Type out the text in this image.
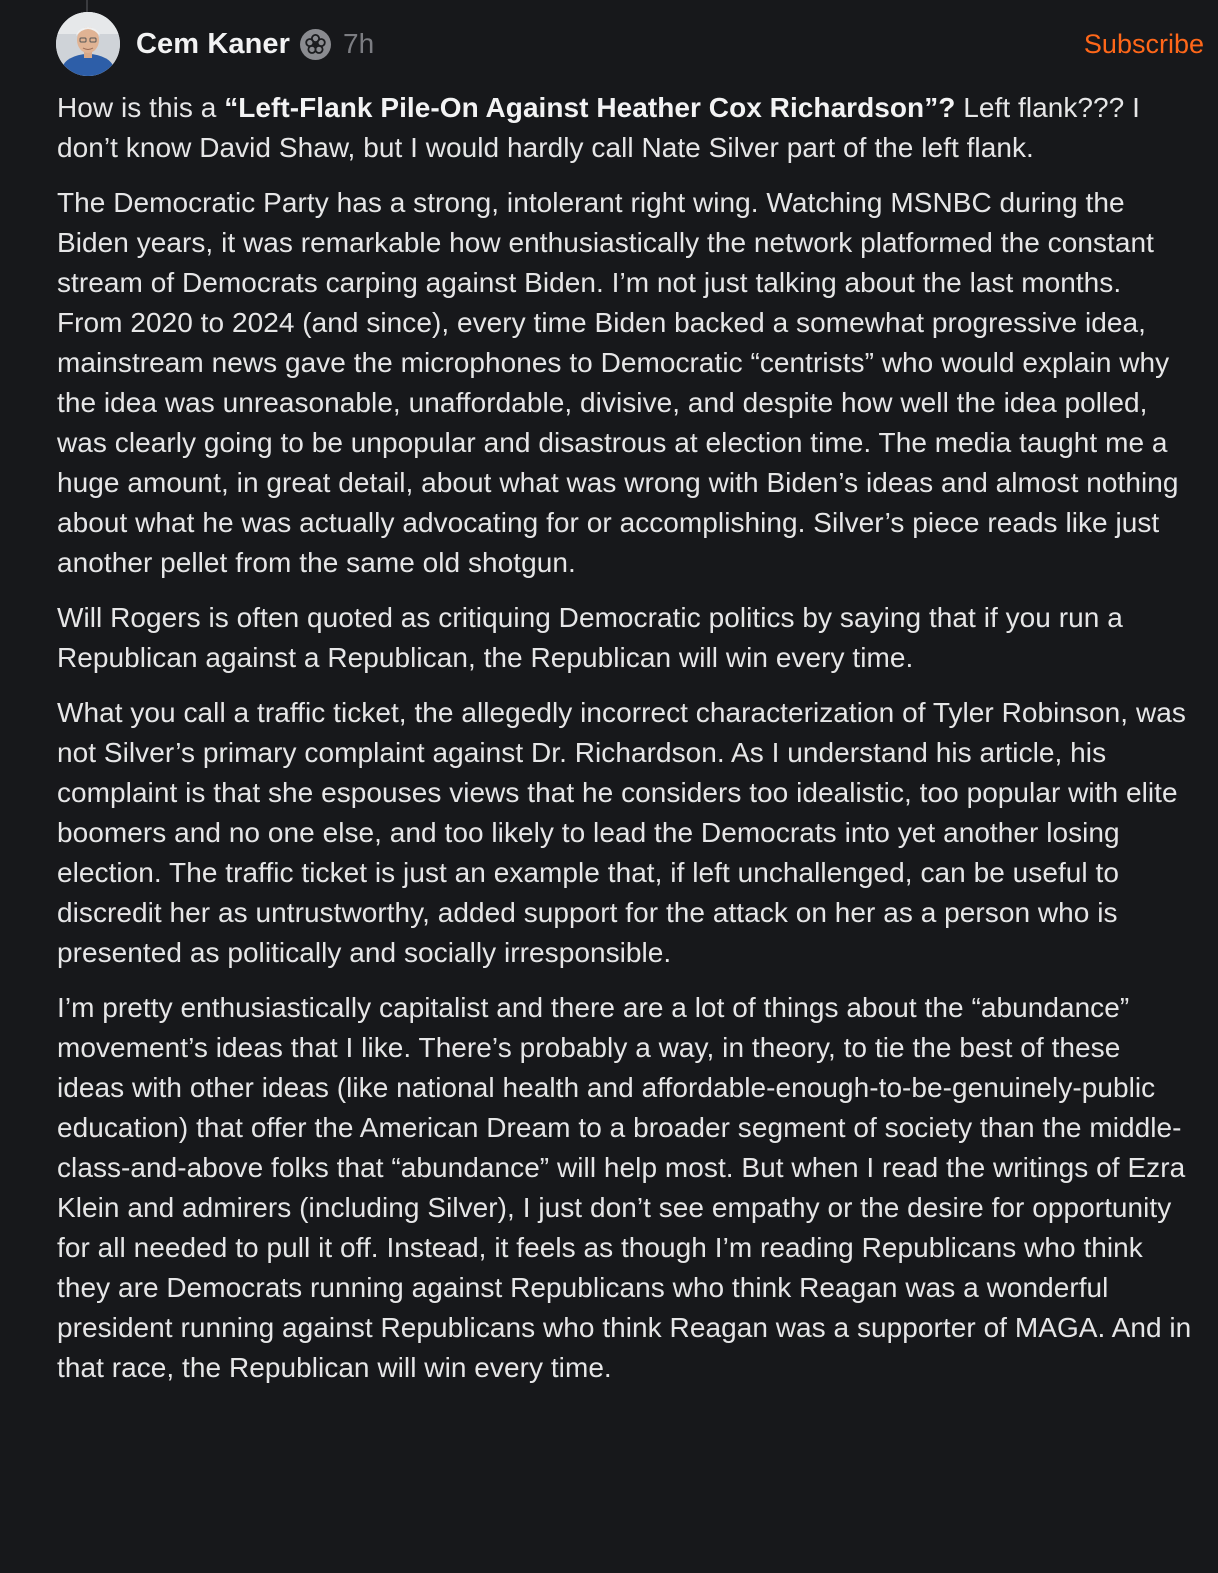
Cem Kaner 7h	Subscribe

How is this a “Left-Flank Pile-On Against Heather Cox Richardson”? Left flank??? I don’t know David Shaw, but I would hardly call Nate Silver part of the left flank.

The Democratic Party has a strong, intolerant right wing. Watching MSNBC during the Biden years, it was remarkable how enthusiastically the network platformed the constant stream of Democrats carping against Biden. I’m not just talking about the last months. From 2020 to 2024 (and since), every time Biden backed a somewhat progressive idea, mainstream news gave the microphones to Democratic “centrists” who would explain why the idea was unreasonable, unaffordable, divisive, and despite how well the idea polled, was clearly going to be unpopular and disastrous at election time. The media taught me a huge amount, in great detail, about what was wrong with Biden’s ideas and almost nothing about what he was actually advocating for or accomplishing. Silver’s piece reads like just another pellet from the same old shotgun.

Will Rogers is often quoted as critiquing Democratic politics by saying that if you run a Republican against a Republican, the Republican will win every time.

What you call a traffic ticket, the allegedly incorrect characterization of Tyler Robinson, was not Silver’s primary complaint against Dr. Richardson. As I understand his article, his complaint is that she espouses views that he considers too idealistic, too popular with elite boomers and no one else, and too likely to lead the Democrats into yet another losing election. The traffic ticket is just an example that, if left unchallenged, can be useful to discredit her as untrustworthy, added support for the attack on her as a person who is presented as politically and socially irresponsible.

I’m pretty enthusiastically capitalist and there are a lot of things about the “abundance” movement’s ideas that I like. There’s probably a way, in theory, to tie the best of these ideas with other ideas (like national health and affordable-enough-to-be-genuinely-public education) that offer the American Dream to a broader segment of society than the middle-class-and-above folks that “abundance” will help most. But when I read the writings of Ezra Klein and admirers (including Silver), I just don’t see empathy or the desire for opportunity for all needed to pull it off. Instead, it feels as though I’m reading Republicans who think they are Democrats running against Republicans who think Reagan was a wonderful president running against Republicans who think Reagan was a supporter of MAGA. And in that race, the Republican will win every time.
